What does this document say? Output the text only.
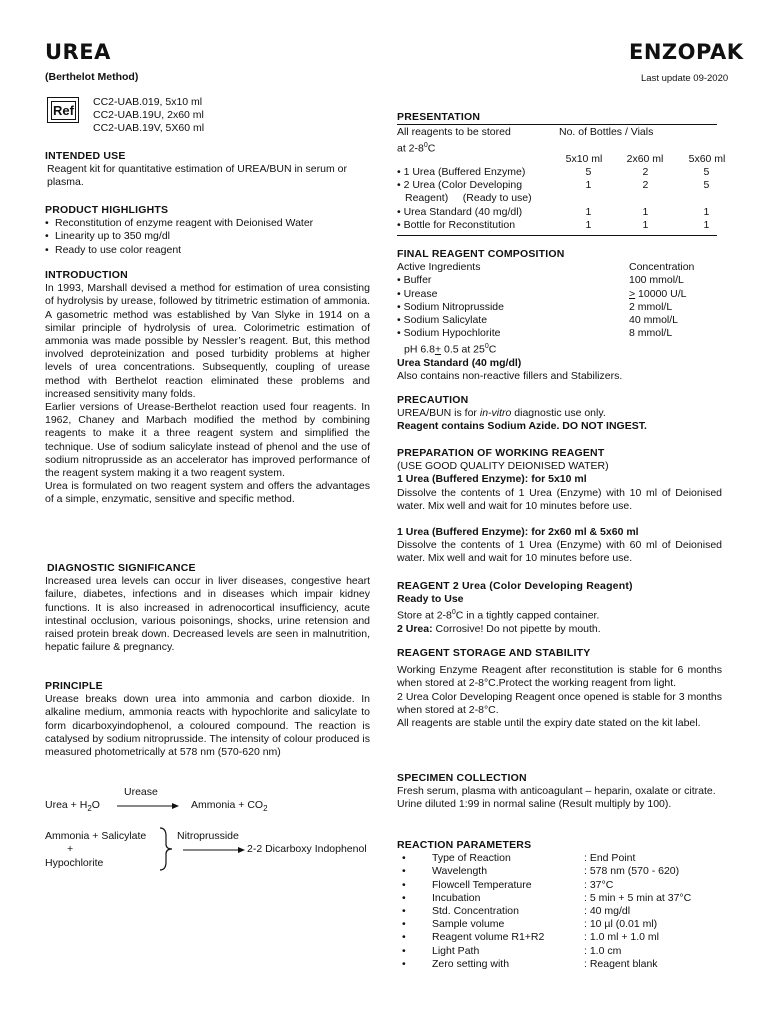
UREA
(Berthelot Method)
ENZOPAK
Last update 09-2020
Ref
CC2-UAB.019, 5x10 ml
CC2-UAB.19U, 2x60 ml
CC2-UAB.19V, 5X60 ml
INTENDED USE
Reagent kit for quantitative estimation of UREA/BUN in serum or plasma.
PRODUCT HIGHLIGHTS
• Reconstitution of enzyme reagent with Deionised Water
• Linearity up to 350 mg/dl
• Ready to use color reagent
INTRODUCTION
In 1993, Marshall devised a method for estimation of urea consisting of hydrolysis by urease, followed by titrimetric estimation of ammonia. A gasometric method was established by Van Slyke in 1914 on a similar principle of hydrolysis of urea. Colorimetric estimation of ammonia was made possible by Nessler’s reagent. But, this method involved deproteinization and posed turbidity problems at higher levels of urea concentrations. Subsequently, coupling of urease method with Berthelot reaction eliminated these problems and increased sensitivity many folds.
Earlier versions of Urease-Berthelot reaction used four reagents. In 1962, Chaney and Marbach modified the method by combining reagents to make it a three reagent system and simplified the technique. Use of sodium salicylate instead of phenol and the use of sodium nitroprusside as an accelerator has improved performance of the reagent system making it a two reagent system.
Urea is formulated on two reagent system and offers the advantages of a simple, enzymatic, sensitive and specific method.
DIAGNOSTIC SIGNIFICANCE
Increased urea levels can occur in liver diseases, congestive heart failure, diabetes, infections and in diseases which impair kidney functions. It is also increased in adrenocortical insufficiency, acute intestinal occlusion, various poisonings, shocks, urine retension and raised protein break down. Decreased levels are seen in malnutrition, hepatic failure & pregnancy.
PRINCIPLE
Urease breaks down urea into ammonia and carbon dioxide. In alkaline medium, ammonia reacts with hypochlorite and salicylate to form dicarboxyindophenol, a coloured compound. The reaction is catalysed by sodium nitroprusside. The intensity of colour produced is measured photometrically at 578 nm (570-620 nm)
Urease
Urea + $H_2O$	Ammonia + $CO_2$
Ammonia + Salicylate
+
Hypochlorite
Nitroprusside
2-2 Dicarboxy Indophenol
PRESENTATION
All reagents to be stored at $2-8^0C$
No. of Bottles / Vials
5x10 ml	2x60 ml	5x60 ml
• 1 Urea (Buffered Enzyme)	5	2	5
• 2 Urea (Color Developing	1	2	5
Reagent)     (Ready to use)			
• Urea Standard (40 mg/dl)	1	1	1
• Bottle for Reconstitution	1	1	1
FINAL REAGENT COMPOSITION
Active Ingredients	Concentration
• Buffer	100 mmol/L
• Urease	> 10000 U/L
• Sodium Nitroprusside	2 mmol/L
• Sodium Salicylate	40 mmol/L
• Sodium Hypochlorite	8 mmol/L
pH 6.8+ 0.5 at $25^0C$
Urea Standard (40 mg/dl)
Also contains non-reactive fillers and Stabilizers.
PRECAUTION
UREA/BUN is for in-vitro diagnostic use only.
Reagent contains Sodium Azide. DO NOT INGEST.
PREPARATION OF WORKING REAGENT
(USE GOOD QUALITY DEIONISED WATER)
1 Urea (Buffered Enzyme): for 5x10 ml
Dissolve the contents of 1 Urea (Enzyme) with 10 ml of Deionised water. Mix well and wait for 10 minutes before use.
1 Urea (Buffered Enzyme): for 2x60 ml & 5x60 ml
Dissolve the contents of 1 Urea (Enzyme) with 60 ml of Deionised water. Mix well and wait for 10 minutes before use.
REAGENT 2 Urea (Color Developing Reagent)
Ready to Use
Store at $2-8^0C$ in a tightly capped container.
2 Urea: Corrosive! Do not pipette by mouth.
REAGENT STORAGE AND STABILITY
Working Enzyme Reagent after reconstitution is stable for 6 months when stored at 2-8°C.Protect the working reagent from light.
2 Urea Color Developing Reagent once opened is stable for 3 months when stored at 2-8°C.
All reagents are stable until the expiry date stated on the kit label.
SPECIMEN COLLECTION
Fresh serum, plasma with anticoagulant – heparin, oxalate or citrate.
Urine diluted 1:99 in normal saline (Result multiply by 100).
REACTION PARAMETERS
•	Type of Reaction	: End Point
•	Wavelength	: 578 nm (570 - 620)
•	Flowcell Temperature	: 37°C
•	Incubation	: 5 min + 5 min at 37°C
•	Std. Concentration	: 40 mg/dl
•	Sample volume	: 10 µl (0.01 ml)
•	Reagent volume R1+R2	: 1.0 ml + 1.0 ml
•	Light Path	: 1.0 cm
•	Zero setting with	: Reagent blank
